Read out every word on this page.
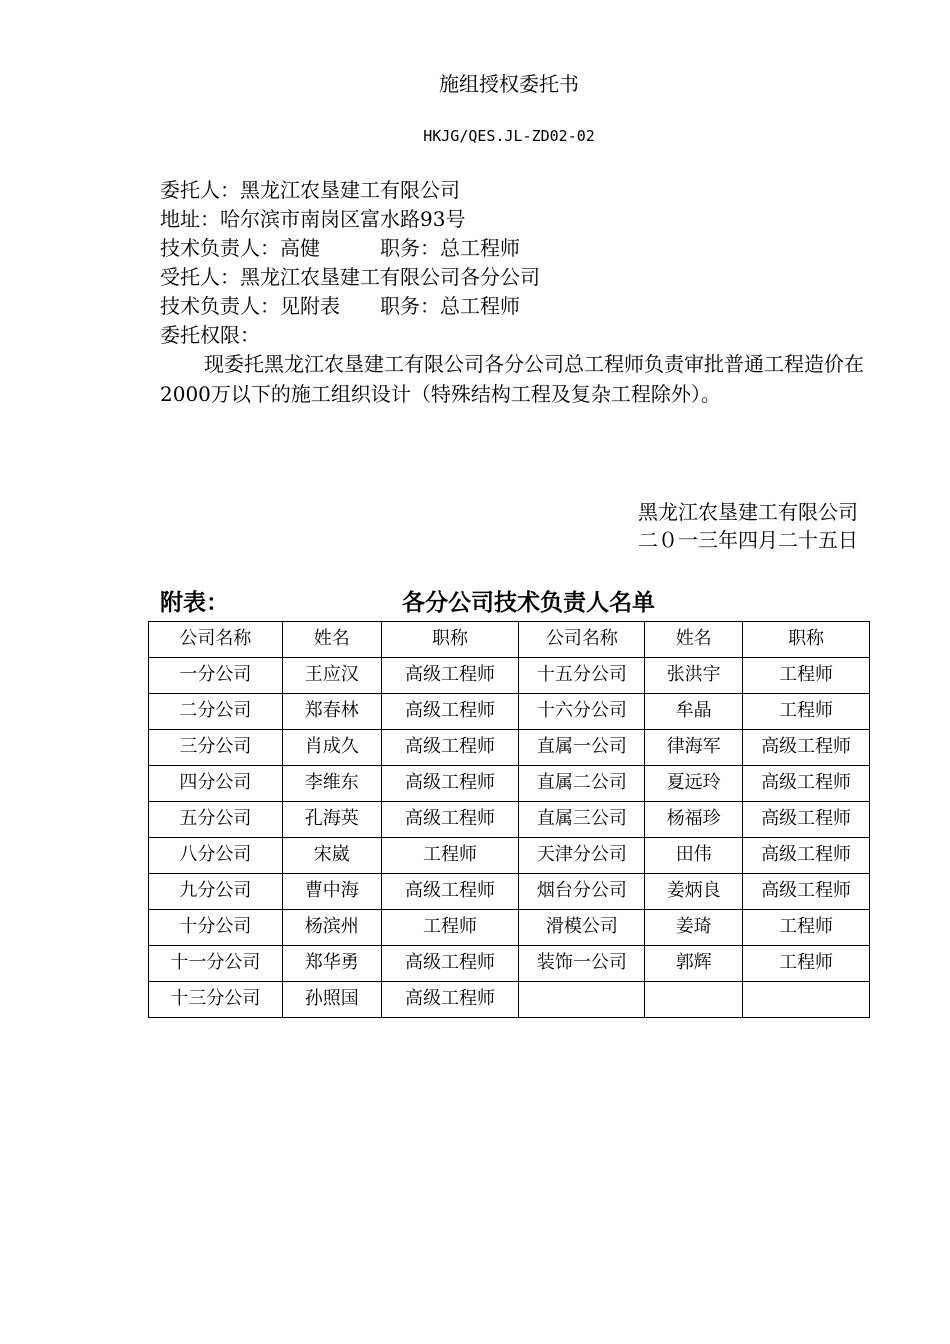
施组授权委托书
HKJG/QES.JL-ZD02-02
委托人：黑龙江农垦建工有限公司
地址：哈尔滨市南岗区富水路93号
技术负责人：高健　　　职务：总工程师
受托人：黑龙江农垦建工有限公司各分公司
技术负责人：见附表　　职务：总工程师
委托权限：
现委托黑龙江农垦建工有限公司各分公司总工程师负责审批普通工程造价在2000万以下的施工组织设计（特殊结构工程及复杂工程除外）。
黑龙江农垦建工有限公司
二０一三年四月二十五日
附表：	各分公司技术负责人名单
公司名称	姓名	职称	公司名称	姓名	职称
一分公司	王应汉	高级工程师	十五分公司	张洪宇	工程师
二分公司	郑春林	高级工程师	十六分公司	牟晶	工程师
三分公司	肖成久	高级工程师	直属一公司	律海军	高级工程师
四分公司	李维东	高级工程师	直属二公司	夏远玲	高级工程师
五分公司	孔海英	高级工程师	直属三公司	杨福珍	高级工程师
八分公司	宋崴	工程师	天津分公司	田伟	高级工程师
九分公司	曹中海	高级工程师	烟台分公司	姜炳良	高级工程师
十分公司	杨滨州	工程师	滑模公司	姜琦	工程师
十一分公司	郑华勇	高级工程师	装饰一公司	郭辉	工程师
十三分公司	孙照国	高级工程师			
